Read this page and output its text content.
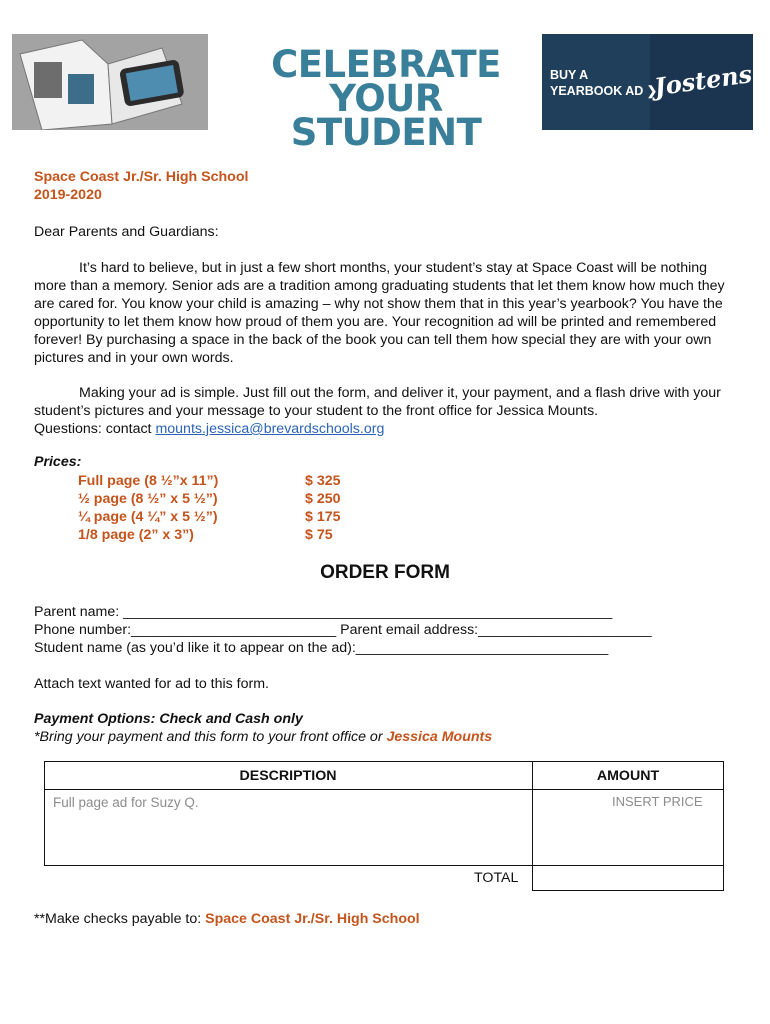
CELEBRATE YOUR
STUDENT
BUY A
YEARBOOK AD ❯
Jostens
Space Coast Jr./Sr. High School
2019-2020
Dear Parents and Guardians:
It’s hard to believe, but in just a few short months, your student’s stay at Space Coast will be nothing more than a memory. Senior ads are a tradition among graduating students that let them know how much they are cared for. You know your child is amazing – why not show them that in this year’s yearbook? You have the opportunity to let them know how proud of them you are. Your recognition ad will be printed and remembered forever! By purchasing a space in the back of the book you can tell them how special they are with your own pictures and in your own words.
Making your ad is simple. Just fill out the form, and deliver it, your payment, and a flash drive with your student’s pictures and your message to your student to the front office for Jessica Mounts.
Questions: contact mounts.jessica@brevardschools.org
Prices:
Full page (8 ½”x 11”)	$ 325
½ page (8 ½” x 5 ½”)	$ 250
¼ page (4 ¼” x 5 ½”)	$ 175
1/8 page (2” x 3”)	$ 75
ORDER FORM
Parent name: ______________________________________________________________
Phone number:__________________________ Parent email address:______________________
Student name (as you’d like it to appear on the ad):________________________________
Attach text wanted for ad to this form.
Payment Options: Check and Cash only
*Bring your payment and this form to your front office or Jessica Mounts
DESCRIPTION	AMOUNT
Full page ad for Suzy Q.	INSERT PRICE
TOTAL
**Make checks payable to: Space Coast Jr./Sr. High School
